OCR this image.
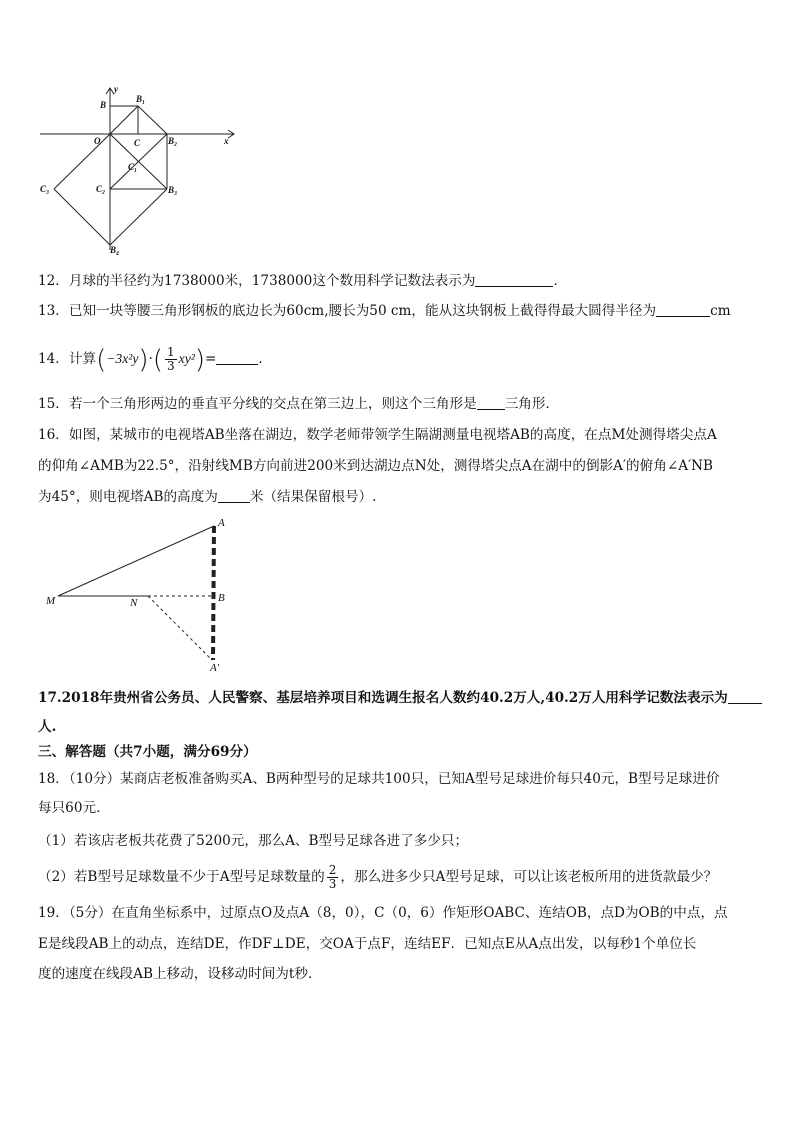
y
x
O
B
B₁
C	B₂
C₁
C₂	B₃
C₃
B₄
12．月球的半径约为1738000米，1738000这个数用科学记数法表示为	．
13．已知一块等腰三角形钢板的底边长为60cm,腰长为50 cm，能从这块钢板上截得得最大圆得半径为	cm
14．计算$(-3x^2y)\cdot( \frac{1}{3} xy^2)=$	.
15．若一个三角形两边的垂直平分线的交点在第三边上，则这个三角形是 三角形．
16．如图，某城市的电视塔AB坐落在湖边，数学老师带领学生隔湖测量电视塔AB的高度，在点M处测得塔尖点A
的仰角∠AMB为22.5°，沿射线MB方向前进200米到达湖边点N处，测得塔尖点A在湖中的倒影A′的俯角∠A′NB
为45°，则电视塔AB的高度为 米（结果保留根号）.
A
M	N	B
A′
17.2018年贵州省公务员、人民警察、基层培养项目和选调生报名人数约40.2万人,40.2万人用科学记数法表示为
人.
三、解答题（共7小题，满分69分）
18．（10分）某商店老板准备购买A、B两种型号的足球共100只，已知A型号足球进价每只40元，B型号足球进价
每只60元．
（1）若该店老板共花费了5200元，那么A、B型号足球各进了多少只；
（2）若B型号足球数量不少于A型号足球数量的 $\frac{2}{3}$ ，那么进多少只A型号足球，可以让该老板所用的进货款最少？
19．（5分）在直角坐标系中，过原点O及点A（8，0），C（0，6）作矩形OABC、连结OB，点D为OB的中点，点
E是线段AB上的动点，连结DE，作DF⊥DE，交OA于点F，连结EF．已知点E从A点出发，以每秒1个单位长
度的速度在线段AB上移动，设移动时间为t秒．
